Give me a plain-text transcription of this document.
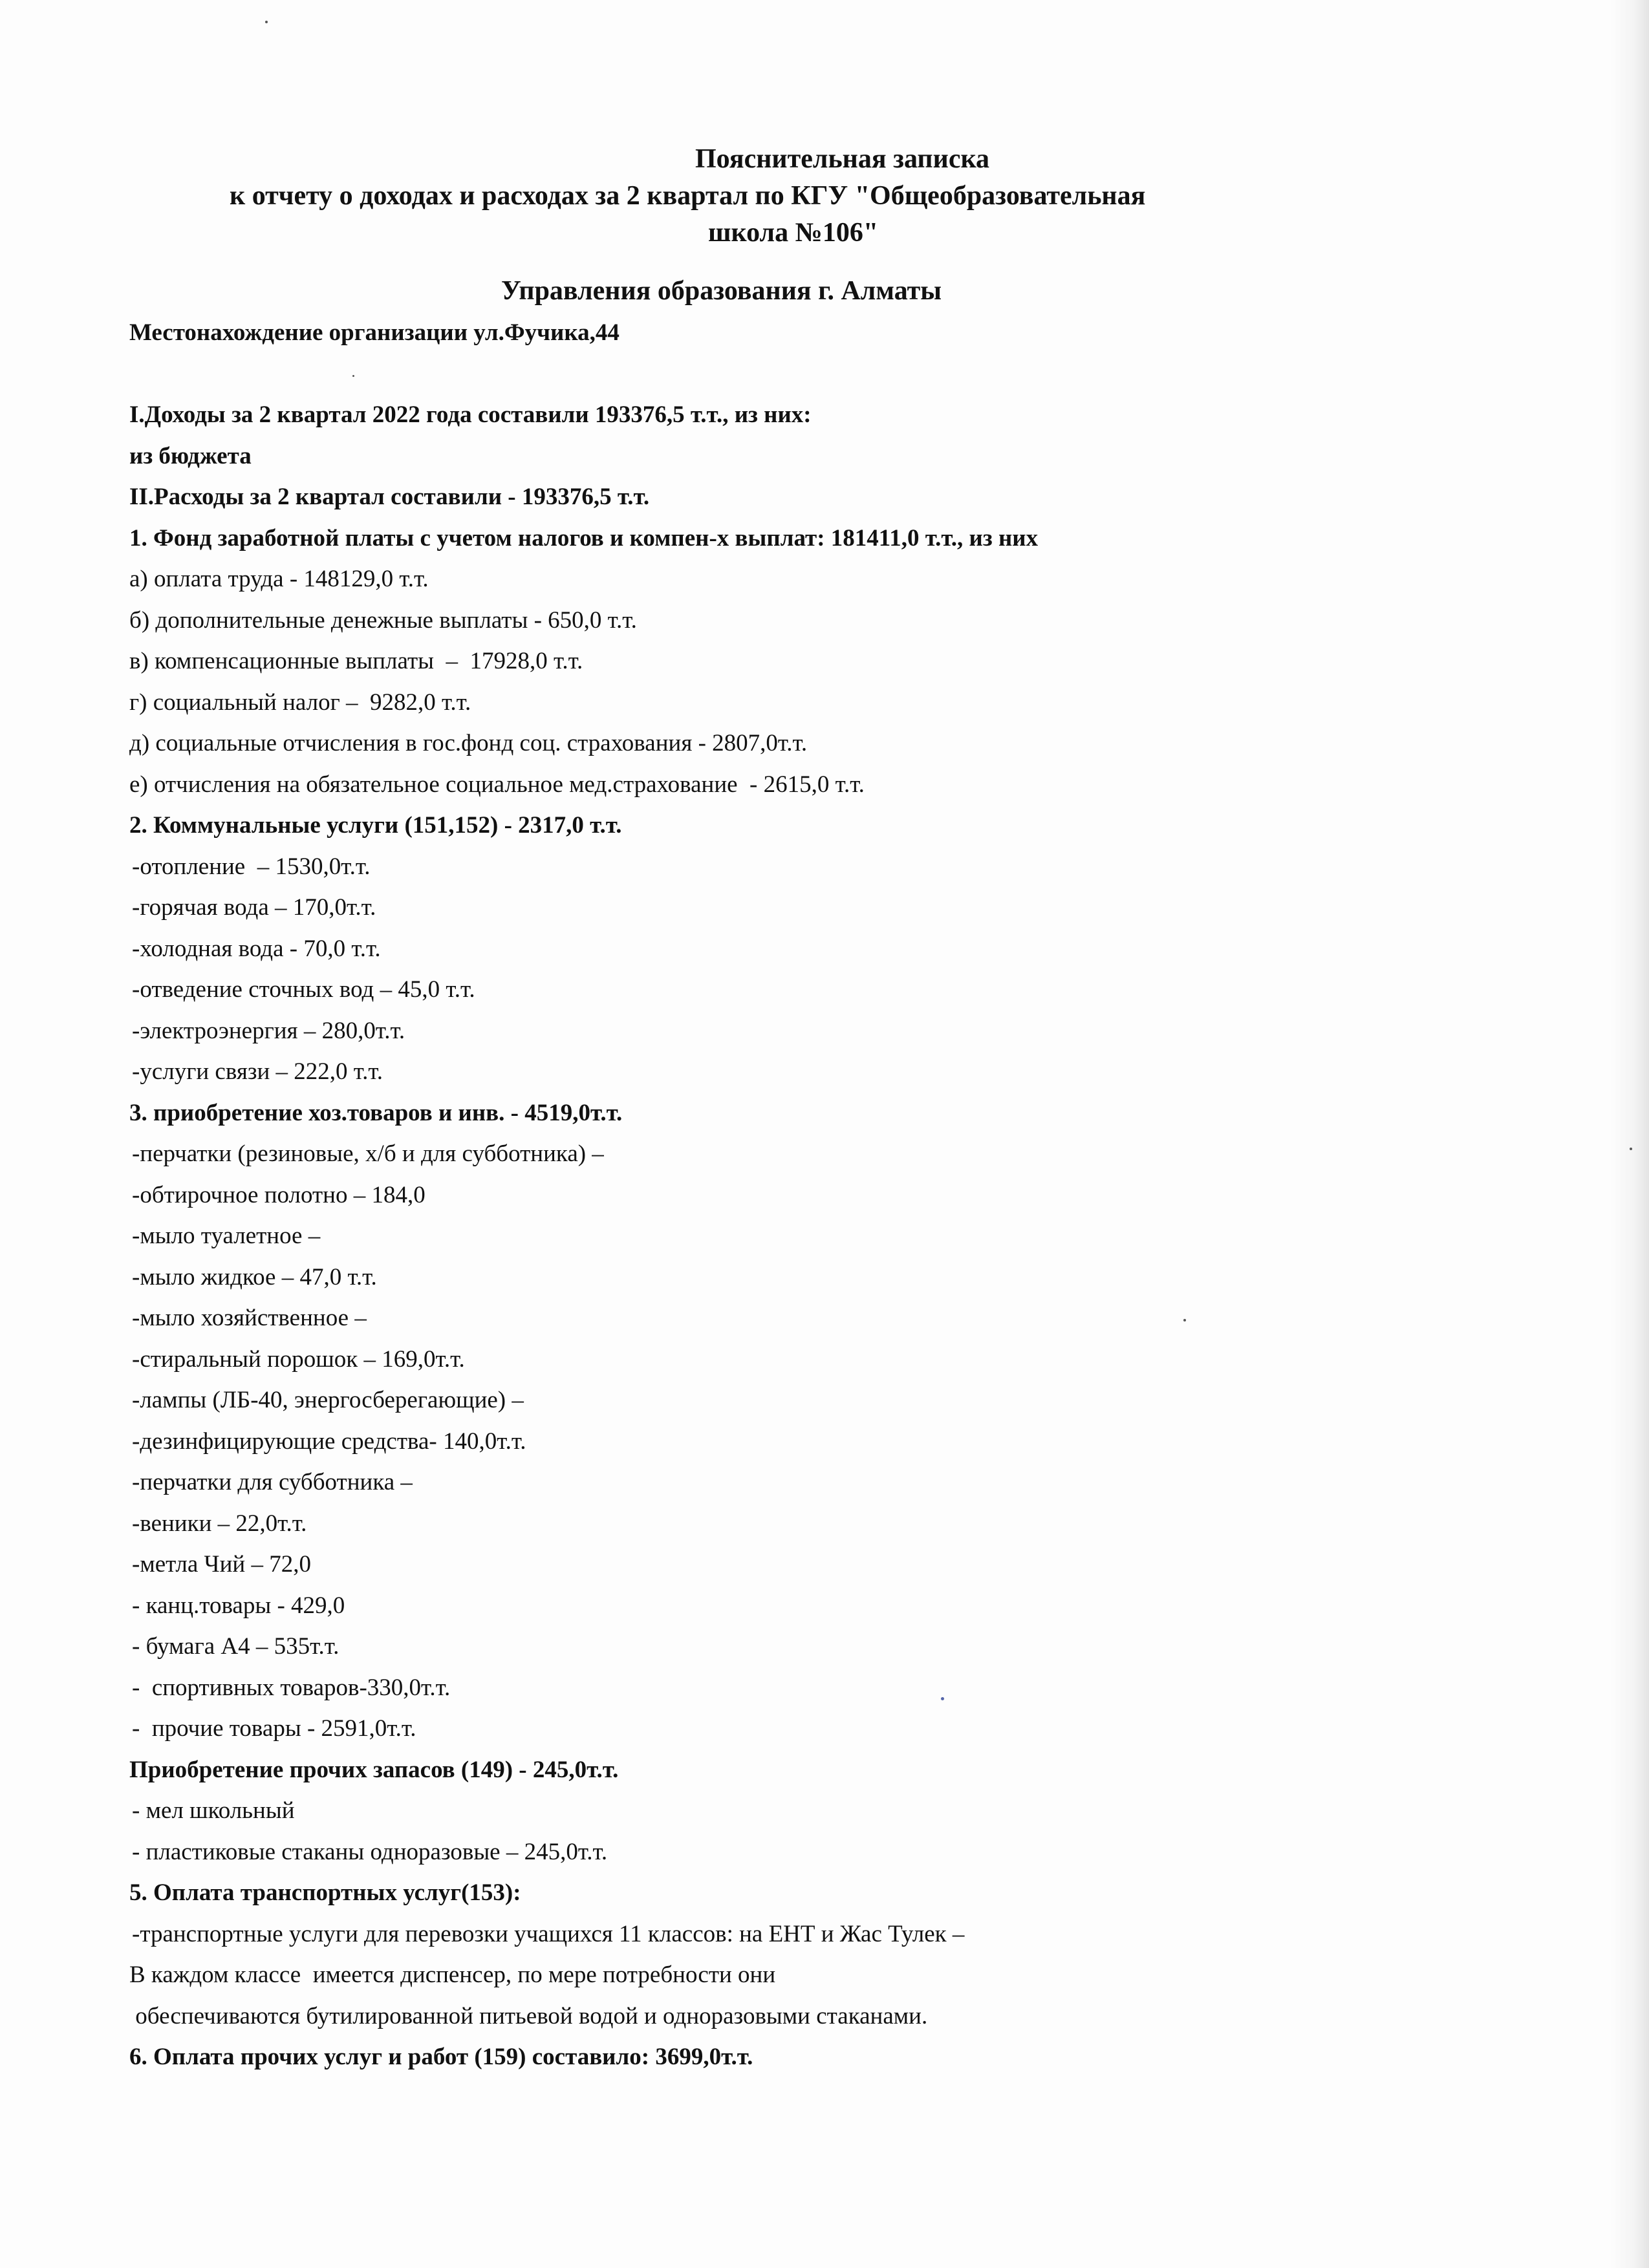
Пояснительная записка
к отчету о доходах и расходах за 2 квартал по КГУ "Общеобразовательная
школа №106"
Управления образования г. Алматы
Местонахождение организации ул.Фучика,44
I.Доходы за 2 квартал 2022 года составили 193376,5 т.т., из них:
из бюджета
II.Расходы за 2 квартал составили - 193376,5 т.т.
1. Фонд заработной платы с учетом налогов и компен-х выплат: 181411,0 т.т., из них
а) оплата труда - 148129,0 т.т.
б) дополнительные денежные выплаты - 650,0 т.т.
в) компенсационные выплаты  –  17928,0 т.т.
г) социальный налог –  9282,0 т.т.
д) социальные отчисления в гос.фонд соц. страхования - 2807,0т.т.
е) отчисления на обязательное социальное мед.страхование  - 2615,0 т.т.
2. Коммунальные услуги (151,152) - 2317,0 т.т.
-отопление  – 1530,0т.т.
-горячая вода – 170,0т.т.
-холодная вода - 70,0 т.т.
-отведение сточных вод – 45,0 т.т.
-электроэнергия – 280,0т.т.
-услуги связи – 222,0 т.т.
3. приобретение хоз.товаров и инв. - 4519,0т.т.
-перчатки (резиновые, х/б и для субботника) –
-обтирочное полотно – 184,0
-мыло туалетное –
-мыло жидкое – 47,0 т.т.
-мыло хозяйственное –
-стиральный порошок – 169,0т.т.
-лампы (ЛБ-40, энергосберегающие) –
-дезинфицирующие средства- 140,0т.т.
-перчатки для субботника –
-веники – 22,0т.т.
-метла Чий – 72,0
- канц.товары - 429,0
- бумага А4 – 535т.т.
-  спортивных товаров-330,0т.т.
-  прочие товары - 2591,0т.т.
Приобретение прочих запасов (149) - 245,0т.т.
- мел школьный
- пластиковые стаканы одноразовые – 245,0т.т.
5. Оплата транспортных услуг(153):
-транспортные услуги для перевозки учащихся 11 классов: на ЕНТ и Жас Тулек –
В каждом классе  имеется диспенсер, по мере потребности они
обеспечиваются бутилированной питьевой водой и одноразовыми стаканами.
6. Оплата прочих услуг и работ (159) составило: 3699,0т.т.
